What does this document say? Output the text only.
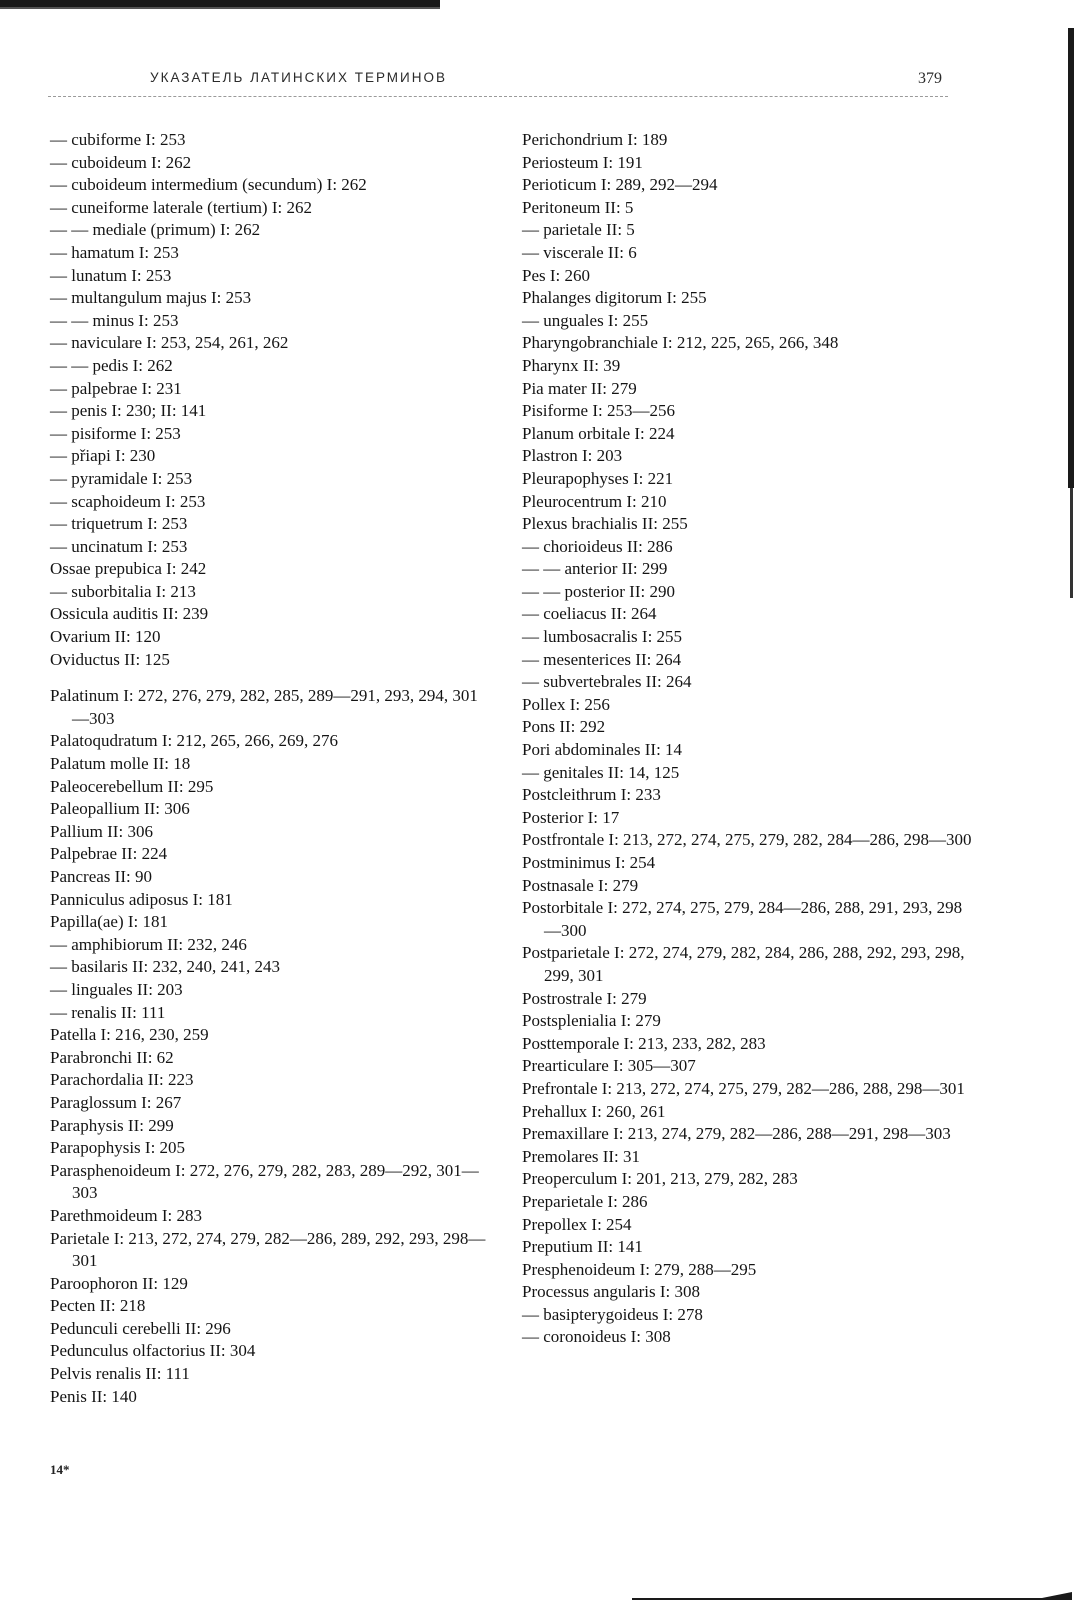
УКАЗАТЕЛЬ ЛАТИНСКИХ ТЕРМИНОВ	379
— cubiforme I: 253
— cuboideum I: 262
— cuboideum intermedium (secundum) I: 262
— cuneiforme laterale (tertium) I: 262
— — mediale (primum) I: 262
— hamatum I: 253
— lunatum I: 253
— multangulum majus I: 253
— — minus I: 253
— naviculare I: 253, 254, 261, 262
— — pedis I: 262
— palpebrae I: 231
— penis I: 230; II: 141
— pisiforme I: 253
— přiapi I: 230
— pyramidale I: 253
— scaphoideum I: 253
— triquetrum I: 253
— uncinatum I: 253
Ossae prepubica I: 242
— suborbitalia I: 213
Ossicula auditis II: 239
Ovarium II: 120
Oviductus II: 125
Palatinum I: 272, 276, 279, 282, 285, 289—291, 293, 294, 301—303
Palatoqudratum I: 212, 265, 266, 269, 276
Palatum molle II: 18
Paleocerebellum II: 295
Paleopallium II: 306
Pallium II: 306
Palpebrae II: 224
Pancreas II: 90
Panniculus adiposus I: 181
Papilla(ae) I: 181
— amphibiorum II: 232, 246
— basilaris II: 232, 240, 241, 243
— linguales II: 203
— renalis II: 111
Patella I: 216, 230, 259
Parabronchi II: 62
Parachordalia II: 223
Paraglossum I: 267
Paraphysis II: 299
Parapophysis I: 205
Parasphenoideum I: 272, 276, 279, 282, 283, 289—292, 301—303
Parethmoideum I: 283
Parietale I: 213, 272, 274, 279, 282—286, 289, 292, 293, 298—301
Paroophoron II: 129
Pecten II: 218
Pedunculi cerebelli II: 296
Pedunculus olfactorius II: 304
Pelvis renalis II: 111
Penis II: 140
Perichondrium I: 189
Periosteum I: 191
Perioticum I: 289, 292—294
Peritoneum II: 5
— parietale II: 5
— viscerale II: 6
Pes I: 260
Phalanges digitorum I: 255
— unguales I: 255
Pharyngobranchiale I: 212, 225, 265, 266, 348
Pharynx II: 39
Pia mater II: 279
Pisiforme I: 253—256
Planum orbitale I: 224
Plastron I: 203
Pleurapophyses I: 221
Pleurocentrum I: 210
Plexus brachialis II: 255
— chorioideus II: 286
— — anterior II: 299
— — posterior II: 290
— coeliacus II: 264
— lumbosacralis I: 255
— mesenterices II: 264
— subvertebrales II: 264
Pollex I: 256
Pons II: 292
Pori abdominales II: 14
— genitales II: 14, 125
Postcleithrum I: 233
Posterior I: 17
Postfrontale I: 213, 272, 274, 275, 279, 282, 284—286, 298—300
Postminimus I: 254
Postnasale I: 279
Postorbitale I: 272, 274, 275, 279, 284—286, 288, 291, 293, 298—300
Postparietale I: 272, 274, 279, 282, 284, 286, 288, 292, 293, 298, 299, 301
Postrostrale I: 279
Postsplenialia I: 279
Posttemporale I: 213, 233, 282, 283
Prearticulare I: 305—307
Prefrontale I: 213, 272, 274, 275, 279, 282—286, 288, 298—301
Prehallux I: 260, 261
Premaxillare I: 213, 274, 279, 282—286, 288—291, 298—303
Premolares II: 31
Preoperculum I: 201, 213, 279, 282, 283
Preparietale I: 286
Prepollex I: 254
Preputium II: 141
Presphenoideum I: 279, 288—295
Processus angularis I: 308
— basipterygoideus I: 278
— coronoideus I: 308
14*
